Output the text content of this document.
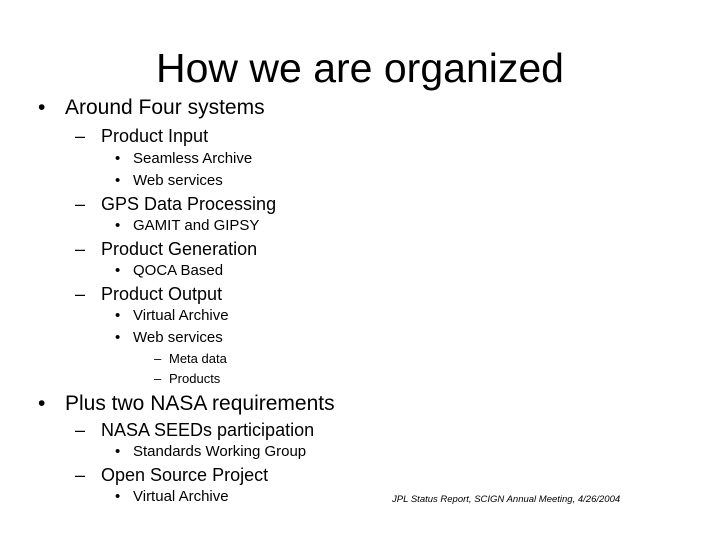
How we are organized
• Around Four systems
– Product Input
• Seamless Archive
• Web services
– GPS Data Processing
• GAMIT and GIPSY
– Product Generation
• QOCA Based
– Product Output
• Virtual Archive
• Web services
– Meta data
– Products
• Plus two NASA requirements
– NASA SEEDs participation
• Standards Working Group
– Open Source Project
• Virtual Archive	JPL Status Report, SCIGN Annual Meeting, 4/26/2004
